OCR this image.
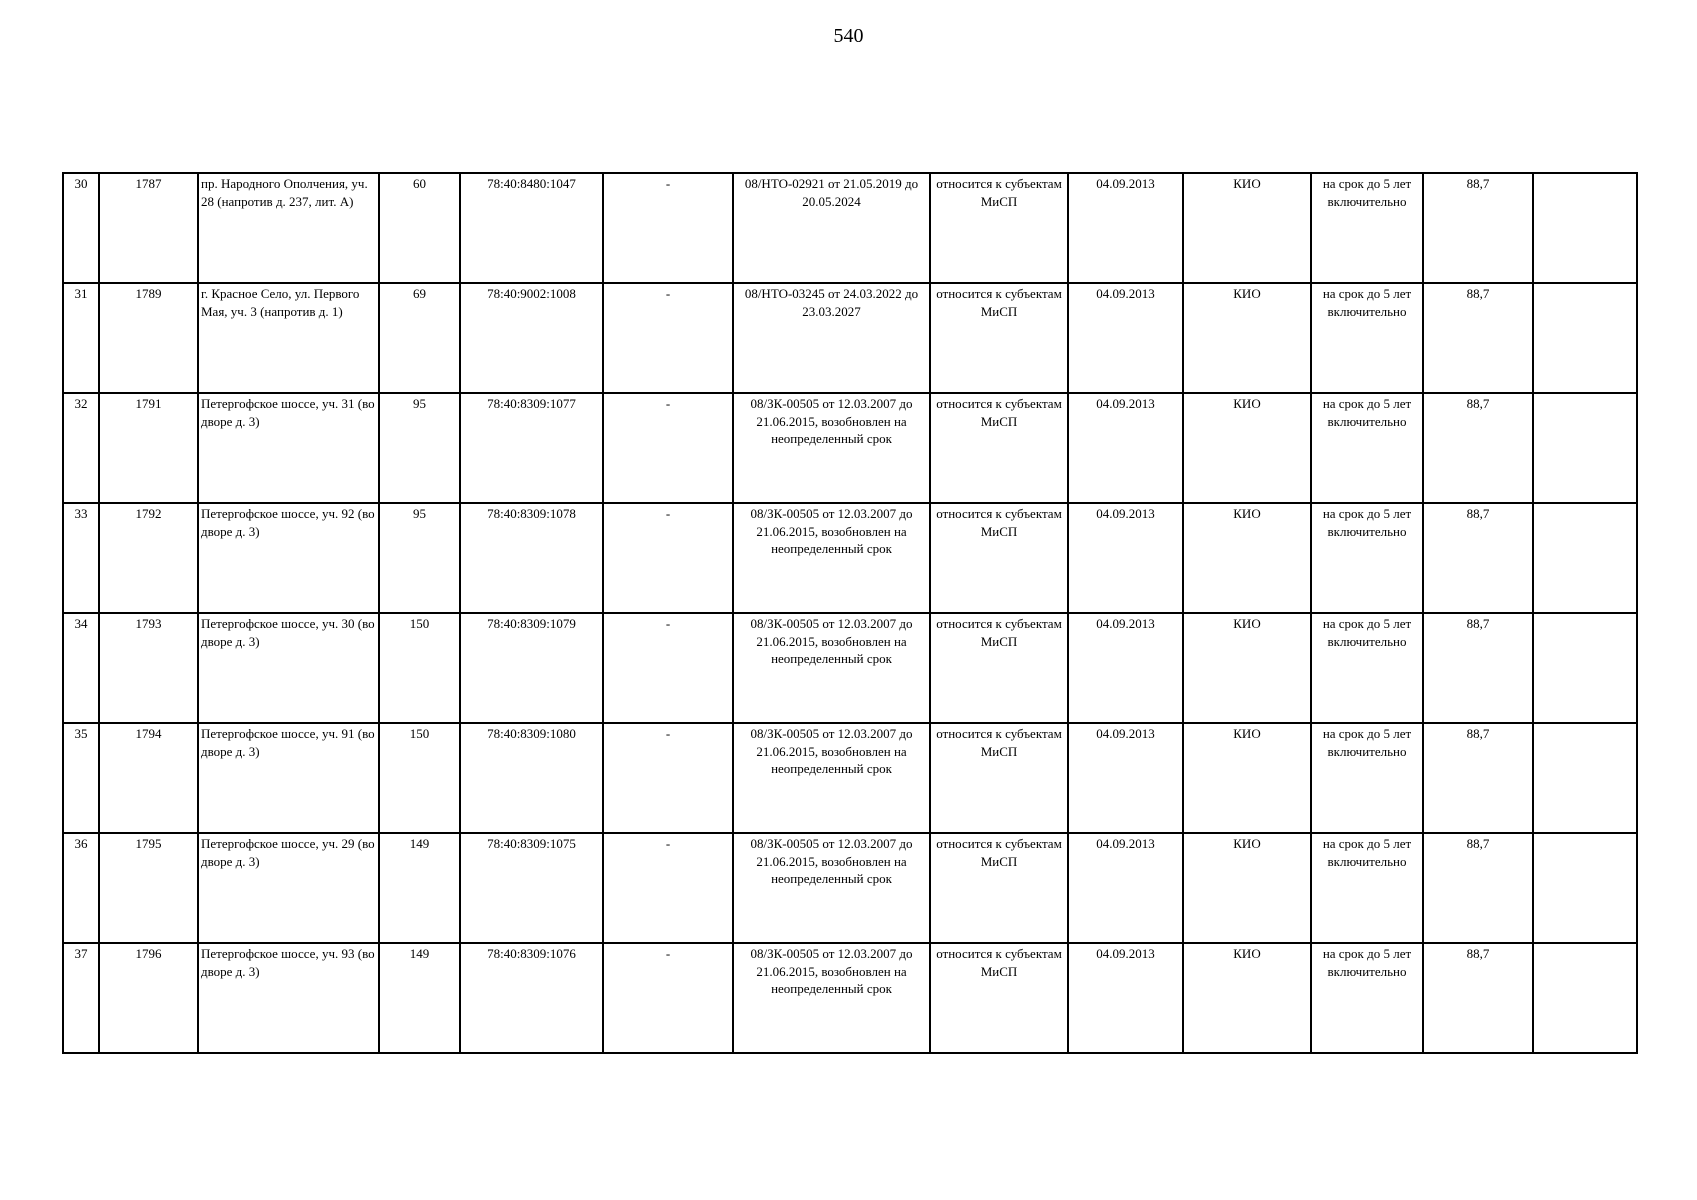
540
30	1787	пр. Народного Ополчения, уч. 28 (напротив д. 237, лит. А)	60	78:40:8480:1047	-	08/НТО-02921 от 21.05.2019 до 20.05.2024	относится к субъектам МиСП	04.09.2013	КИО	на срок до 5 лет включительно	88,7	
31	1789	г. Красное Село, ул. Первого Мая, уч. 3 (напротив д. 1)	69	78:40:9002:1008	-	08/НТО-03245 от 24.03.2022 до 23.03.2027	относится к субъектам МиСП	04.09.2013	КИО	на срок до 5 лет включительно	88,7	
32	1791	Петергофское шоссе, уч. 31 (во дворе д. 3)	95	78:40:8309:1077	-	08/ЗК-00505 от 12.03.2007 до 21.06.2015, возобновлен на неопределенный срок	относится к субъектам МиСП	04.09.2013	КИО	на срок до 5 лет включительно	88,7	
33	1792	Петергофское шоссе, уч. 92 (во дворе д. 3)	95	78:40:8309:1078	-	08/ЗК-00505 от 12.03.2007 до 21.06.2015, возобновлен на неопределенный срок	относится к субъектам МиСП	04.09.2013	КИО	на срок до 5 лет включительно	88,7	
34	1793	Петергофское шоссе, уч. 30 (во дворе д. 3)	150	78:40:8309:1079	-	08/ЗК-00505 от 12.03.2007 до 21.06.2015, возобновлен на неопределенный срок	относится к субъектам МиСП	04.09.2013	КИО	на срок до 5 лет включительно	88,7	
35	1794	Петергофское шоссе, уч. 91 (во дворе д. 3)	150	78:40:8309:1080	-	08/ЗК-00505 от 12.03.2007 до 21.06.2015, возобновлен на неопределенный срок	относится к субъектам МиСП	04.09.2013	КИО	на срок до 5 лет включительно	88,7	
36	1795	Петергофское шоссе, уч. 29 (во дворе д. 3)	149	78:40:8309:1075	-	08/ЗК-00505 от 12.03.2007 до 21.06.2015, возобновлен на неопределенный срок	относится к субъектам МиСП	04.09.2013	КИО	на срок до 5 лет включительно	88,7	
37	1796	Петергофское шоссе, уч. 93 (во дворе д. 3)	149	78:40:8309:1076	-	08/ЗК-00505 от 12.03.2007 до 21.06.2015, возобновлен на неопределенный срок	относится к субъектам МиСП	04.09.2013	КИО	на срок до 5 лет включительно	88,7	
